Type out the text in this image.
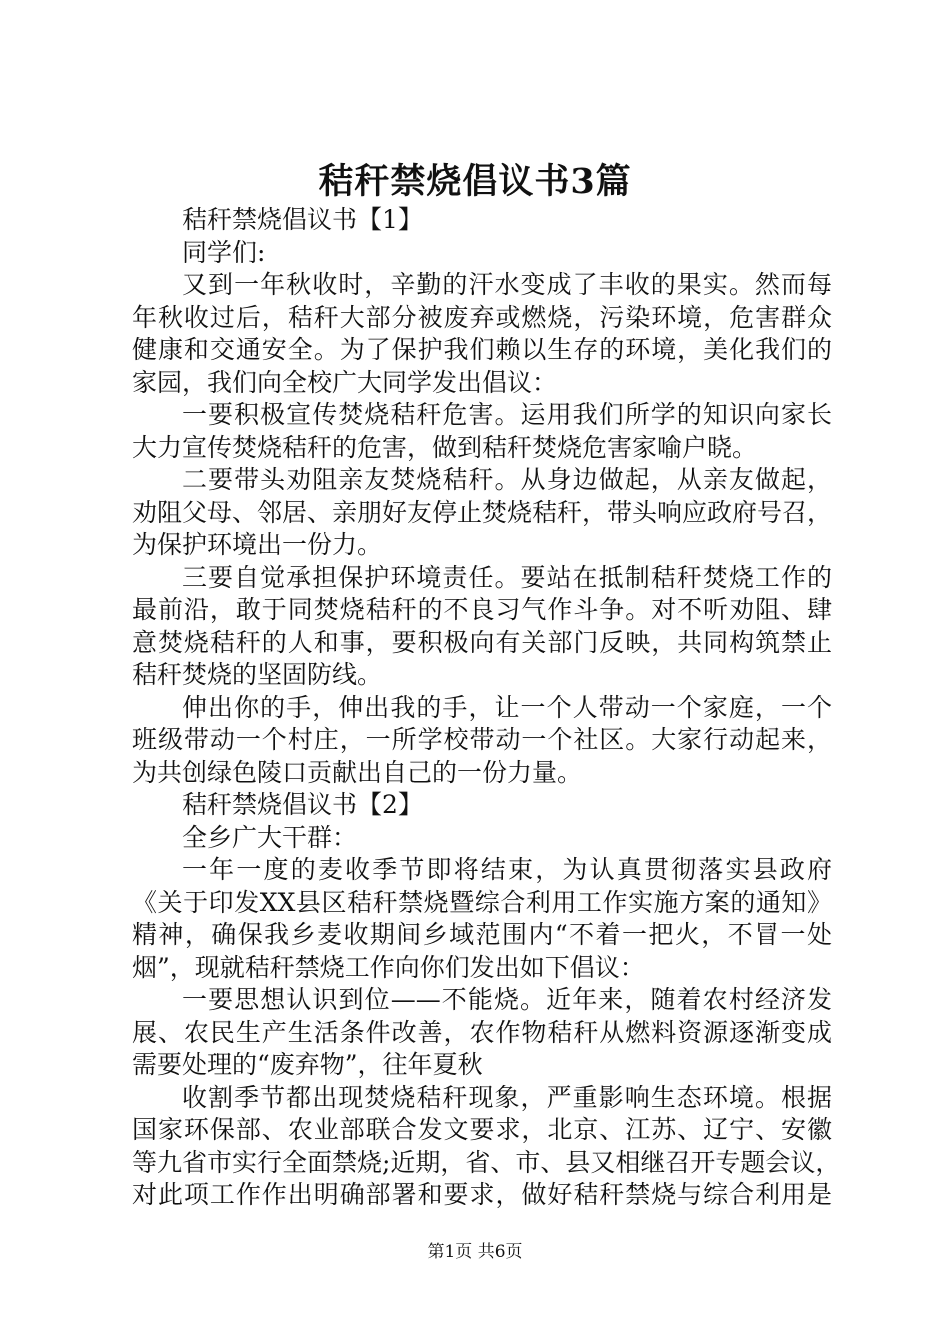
秸秆禁烧倡议书3篇
秸秆禁烧倡议书【1】
同学们:
又到一年秋收时，辛勤的汗水变成了丰收的果实。然而每
年秋收过后，秸秆大部分被废弃或燃烧，污染环境，危害群众
健康和交通安全。为了保护我们赖以生存的环境，美化我们的
家园，我们向全校广大同学发出倡议：
一要积极宣传焚烧秸秆危害。运用我们所学的知识向家长
大力宣传焚烧秸秆的危害，做到秸秆焚烧危害家喻户晓。
二要带头劝阻亲友焚烧秸秆。从身边做起，从亲友做起，
劝阻父母、邻居、亲朋好友停止焚烧秸秆，带头响应政府号召，
为保护环境出一份力。
三要自觉承担保护环境责任。要站在抵制秸秆焚烧工作的
最前沿，敢于同焚烧秸秆的不良习气作斗争。对不听劝阻、肆
意焚烧秸秆的人和事，要积极向有关部门反映，共同构筑禁止
秸秆焚烧的坚固防线。
伸出你的手，伸出我的手，让一个人带动一个家庭，一个
班级带动一个村庄，一所学校带动一个社区。大家行动起来，
为共创绿色陵口贡献出自己的一份力量。
秸秆禁烧倡议书【2】
全乡广大干群：
一年一度的麦收季节即将结束，为认真贯彻落实县政府
《关于印发XX县区秸秆禁烧暨综合利用工作实施方案的通知》
精神，确保我乡麦收期间乡域范围内“不着一把火，不冒一处
烟”，现就秸秆禁烧工作向你们发出如下倡议：
一要思想认识到位——不能烧。近年来，随着农村经济发
展、农民生产生活条件改善，农作物秸秆从燃料资源逐渐变成
需要处理的“废弃物”，往年夏秋
收割季节都出现焚烧秸秆现象，严重影响生态环境。根据
国家环保部、农业部联合发文要求，北京、江苏、辽宁、安徽
等九省市实行全面禁烧;近期，省、市、县又相继召开专题会议，
对此项工作作出明确部署和要求，做好秸秆禁烧与综合利用是
第1页 共6页
